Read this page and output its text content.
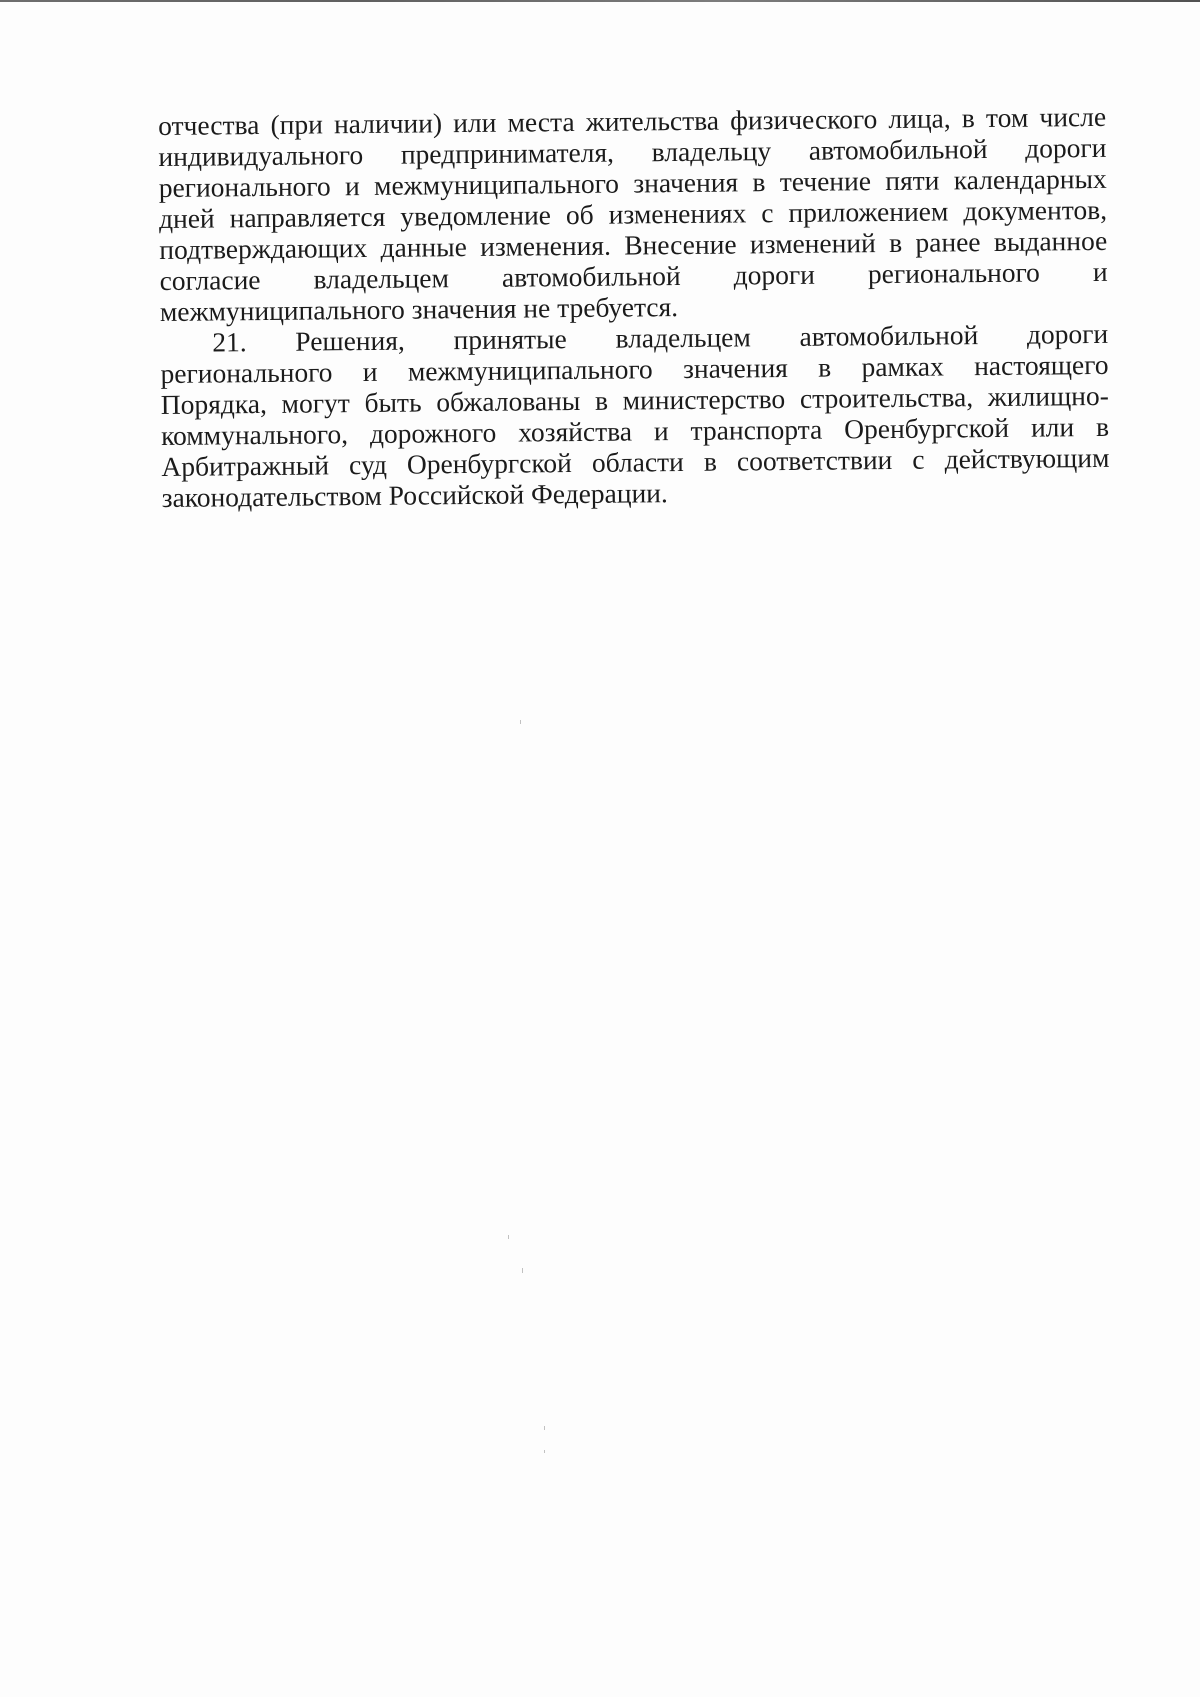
отчества (при наличии) или места жительства физического лица, в том числе
индивидуального предпринимателя, владельцу автомобильной дороги
регионального и межмуниципального значения в течение пяти календарных
дней направляется уведомление об изменениях с приложением документов,
подтверждающих данные изменения. Внесение изменений в ранее выданное
согласие владельцем автомобильной дороги регионального и
межмуниципального значения не требуется.
21. Решения, принятые владельцем автомобильной дороги
регионального и межмуниципального значения в рамках настоящего
Порядка, могут быть обжалованы в министерство строительства, жилищно-
коммунального, дорожного хозяйства и транспорта Оренбургской или в
Арбитражный суд Оренбургской области в соответствии с действующим
законодательством Российской Федерации.
